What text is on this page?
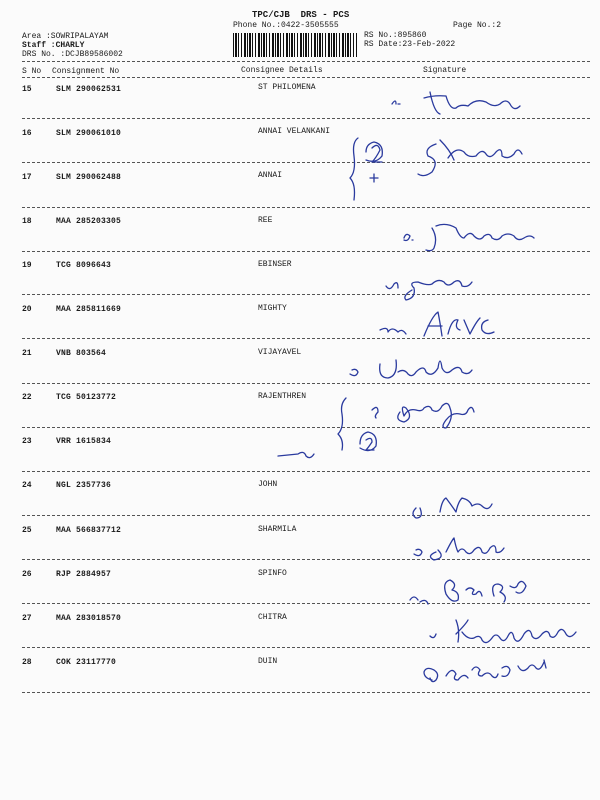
TPC/CJB  DRS - PCS
Phone No.:0422-3505555	Page No.:2
Area :SOWRIPALAYAM
Staff :CHARLY
DRS No. :DCJB89586002
RS No.:895860
RS Date:23-Feb-2022
S No Consignment No	Consignee Details	Signature
15	SLM 290062531	ST PHILOMENA
16	SLM 290061010	ANNAI VELANKANI
17	SLM 290062488	ANNAI
18	MAA 285203305	REE
19	TCG 8096643	EBINSER
20	MAA 285811669	MIGHTY
21	VNB 803564	VIJAYAVEL
22	TCG 50123772	RAJENTHREN
23	VRR 1615834
24	NGL 2357736	JOHN
25	MAA 566837712	SHARMILA
26	RJP 2884957	SPINFO
27	MAA 283018570	CHITRA
28	COK 23117770	DUIN
